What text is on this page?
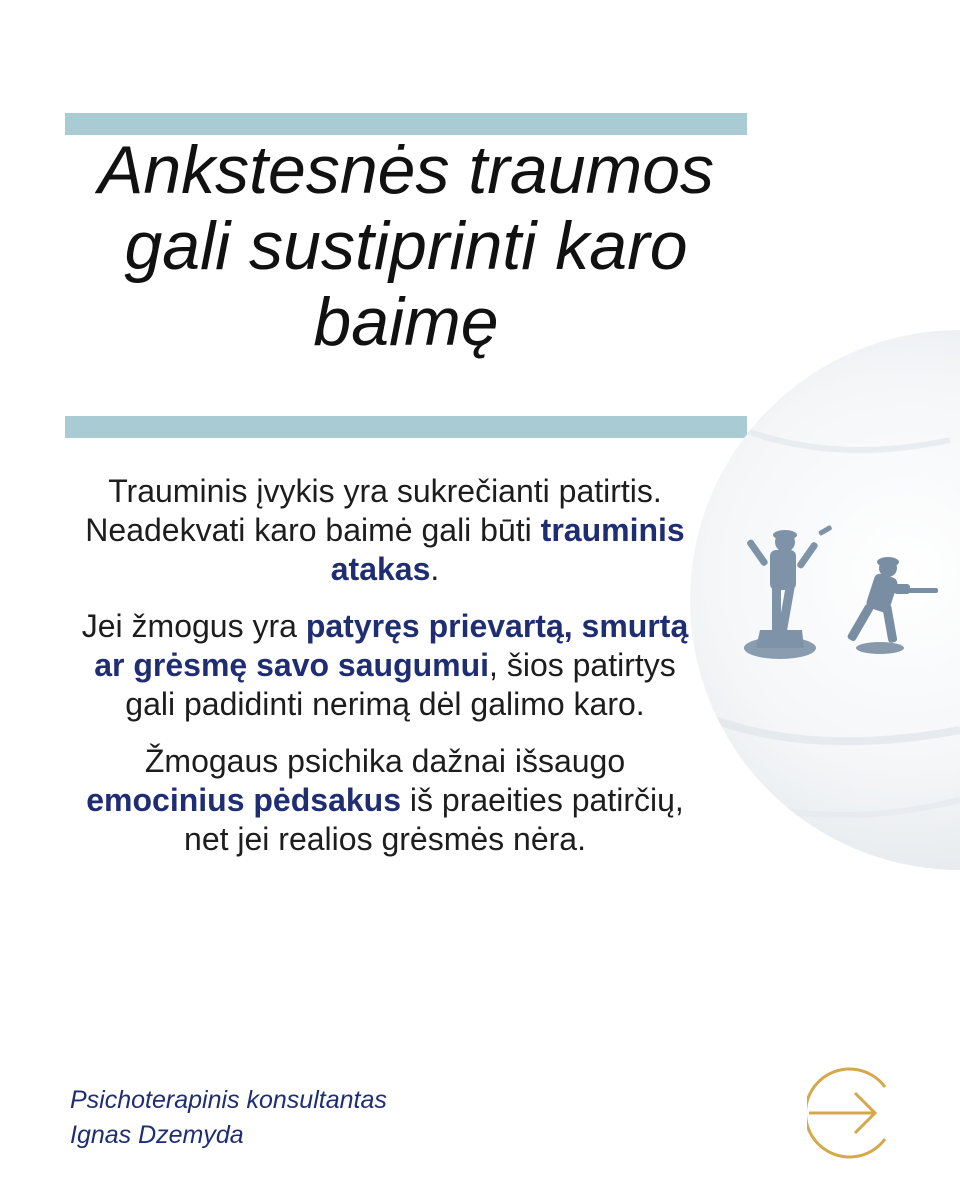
Ankstesnės traumos
gali sustiprinti karo
baimę

Trauminis įvykis yra sukrečianti patirtis. Neadekvati karo baimė gali būti trauminis atakas.

Jei žmogus yra patyręs prievartą, smurtą ar grėsmę savo saugumui, šios patirtys gali padidinti nerimą dėl galimo karo.

Žmogaus psichika dažnai išsaugo emocinius pėdsakus iš praeities patirčių, net jei realios grėsmės nėra.

Psichoterapinis konsultantas
Ignas Dzemyda
